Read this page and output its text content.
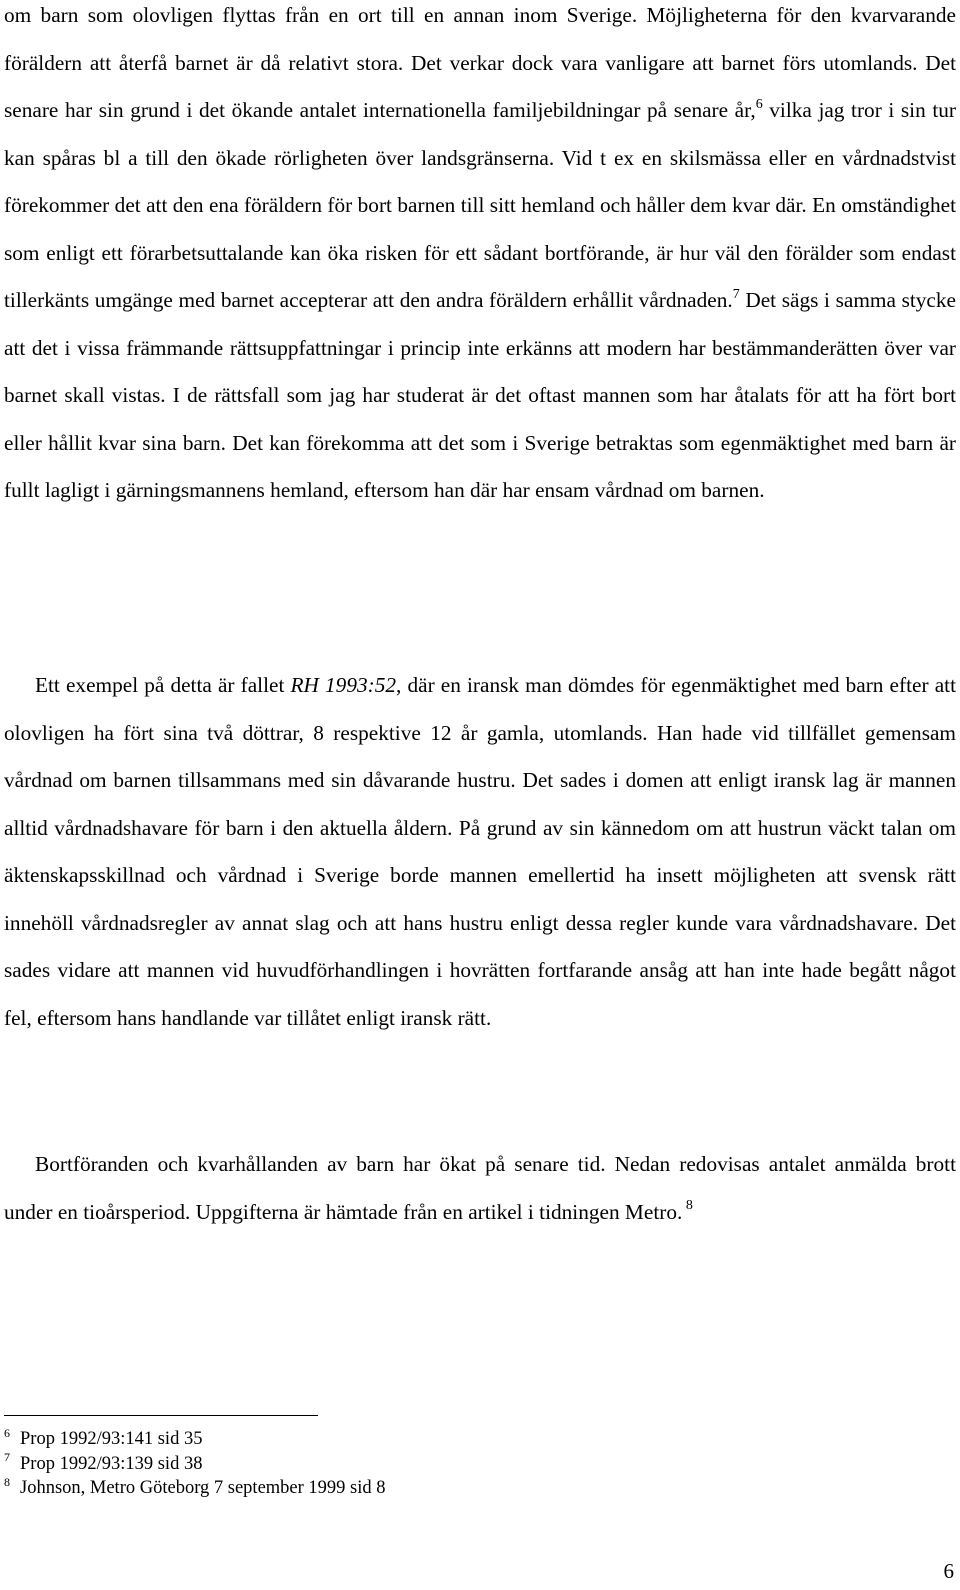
om barn som olovligen flyttas från en ort till en annan inom Sverige. Möjligheterna för den kvarvarande föräldern att återfå barnet är då relativt stora. Det verkar dock vara vanligare att barnet förs utomlands. Det senare har sin grund i det ökande antalet internationella familjebildningar på senare år,$^6$ vilka jag tror i sin tur kan spåras bl a till den ökade rörligheten över landsgränserna. Vid t ex en skilsmässa eller en vårdnadstvist förekommer det att den ena föräldern för bort barnen till sitt hemland och håller dem kvar där. En omständighet som enligt ett förarbetsuttalande kan öka risken för ett sådant bortförande, är hur väl den förälder som endast tillerkänts umgänge med barnet accepterar att den andra föräldern erhållit vårdnaden.$^7$ Det sägs i samma stycke att det i vissa främmande rättsuppfattningar i princip inte erkänns att modern har bestämmanderätten över var barnet skall vistas. I de rättsfall som jag har studerat är det oftast mannen som har åtalats för att ha fört bort eller hållit kvar sina barn. Det kan förekomma att det som i Sverige betraktas som egenmäktighet med barn är fullt lagligt i gärningsmannens hemland, eftersom han där har ensam vårdnad om barnen.

Ett exempel på detta är fallet RH 1993:52, där en iransk man dömdes för egenmäktighet med barn efter att olovligen ha fört sina två döttrar, 8 respektive 12 år gamla, utomlands. Han hade vid tillfället gemensam vårdnad om barnen tillsammans med sin dåvarande hustru. Det sades i domen att enligt iransk lag är mannen alltid vårdnadshavare för barn i den aktuella åldern. På grund av sin kännedom om att hustrun väckt talan om äktenskapsskillnad och vårdnad i Sverige borde mannen emellertid ha insett möjligheten att svensk rätt innehöll vårdnadsregler av annat slag och att hans hustru enligt dessa regler kunde vara vårdnadshavare. Det sades vidare att mannen vid huvudförhandlingen i hovrätten fortfarande ansåg att han inte hade begått något fel, eftersom hans handlande var tillåtet enligt iransk rätt.

Bortföranden och kvarhållanden av barn har ökat på senare tid. Nedan redovisas antalet anmälda brott under en tioårsperiod. Uppgifterna är hämtade från en artikel i tidningen Metro. $^8$

6 Prop 1992/93:141 sid 35

7 Prop 1992/93:139 sid 38

8 Johnson, Metro Göteborg 7 september 1999 sid 8

6
